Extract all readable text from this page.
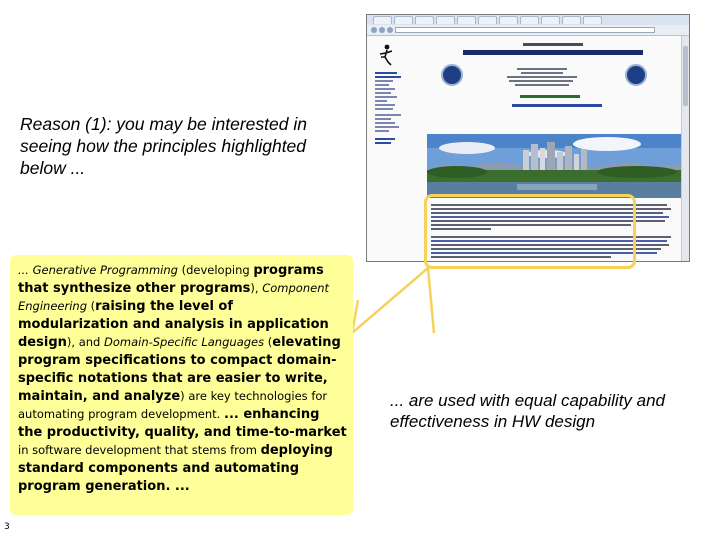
Reason (1): you may be interested in seeing how the principles highlighted below ...
... Generative Programming (developing programs that synthesize other programs), Component Engineering (raising the level of modularization and analysis in application design), and Domain-Specific Languages (elevating program specifications to compact domain-specific notations that are easier to write, maintain, and analyze) are key technologies for automating program development. ... enhancing the productivity, quality, and time-to-market in software development that stems from deploying standard components and automating program generation. ...
... are used with equal capability and effectiveness in HW design
3
